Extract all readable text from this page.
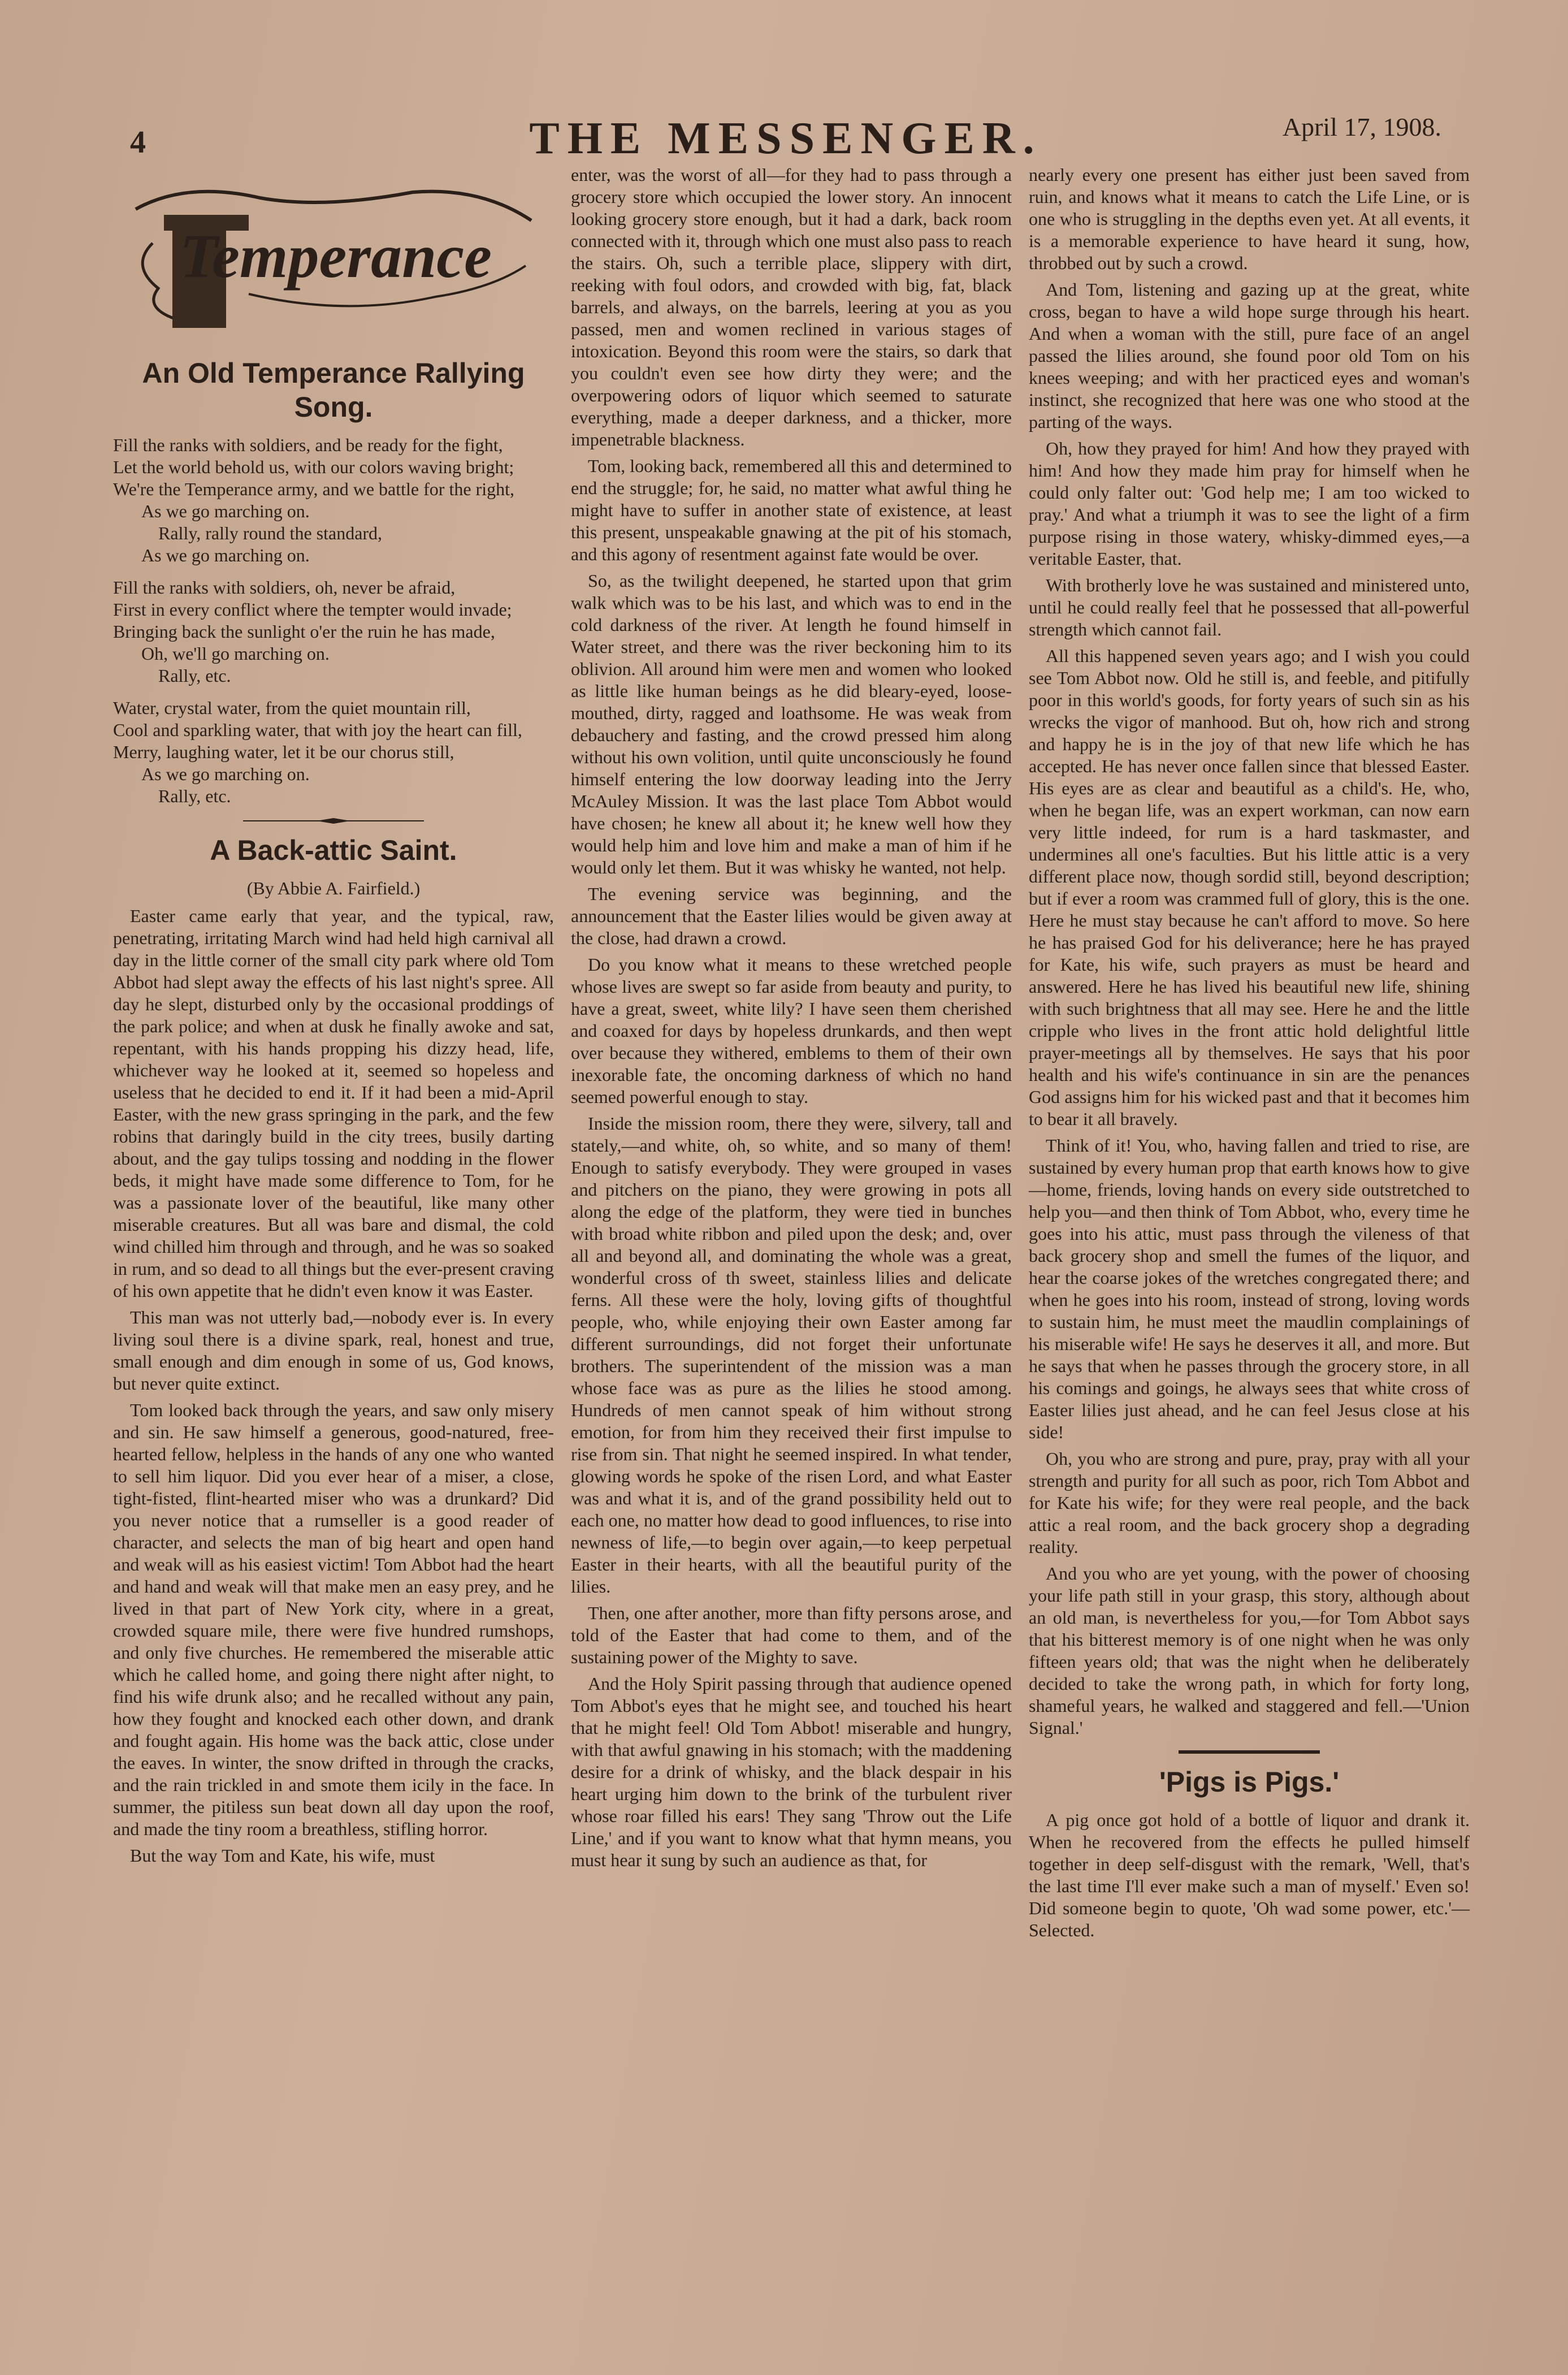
4	THE MESSENGER.	April 17, 1908.
Temperance
An Old Temperance Rallying Song.
Fill the ranks with soldiers, and be ready for the fight,
Let the world behold us, with our colors waving bright;
We're the Temperance army, and we battle for the right,
As we go marching on.
Rally, rally round the standard,
As we go marching on.
Fill the ranks with soldiers, oh, never be afraid,
First in every conflict where the tempter would invade;
Bringing back the sunlight o'er the ruin he has made,
Oh, we'll go marching on.
Rally, etc.
Water, crystal water, from the quiet mountain rill,
Cool and sparkling water, that with joy the heart can fill,
Merry, laughing water, let it be our chorus still,
As we go marching on.
Rally, etc.
A Back-attic Saint.
(By Abbie A. Fairfield.)

Easter came early that year, and the typical, raw, penetrating, irritating March wind had held high carnival all day in the little corner of the small city park where old Tom Abbot had slept away the effects of his last night's spree. All day he slept, disturbed only by the occasional proddings of the park police; and when at dusk he finally awoke and sat, repentant, with his hands propping his dizzy head, life, whichever way he looked at it, seemed so hopeless and useless that he decided to end it. If it had been a mid-April Easter, with the new grass springing in the park, and the few robins that daringly build in the city trees, busily darting about, and the gay tulips tossing and nodding in the flower beds, it might have made some difference to Tom, for he was a passionate lover of the beautiful, like many other miserable creatures. But all was bare and dismal, the cold wind chilled him through and through, and he was so soaked in rum, and so dead to all things but the ever-present craving of his own appetite that he didn't even know it was Easter.

This man was not utterly bad,—nobody ever is. In every living soul there is a divine spark, real, honest and true, small enough and dim enough in some of us, God knows, but never quite extinct.

Tom looked back through the years, and saw only misery and sin. He saw himself a generous, good-natured, free-hearted fellow, helpless in the hands of any one who wanted to sell him liquor. Did you ever hear of a miser, a close, tight-fisted, flint-hearted miser who was a drunkard? Did you never notice that a rumseller is a good reader of character, and selects the man of big heart and open hand and weak will as his easiest victim! Tom Abbot had the heart and hand and weak will that make men an easy prey, and he lived in that part of New York city, where in a great, crowded square mile, there were five hundred rumshops, and only five churches. He remembered the miserable attic which he called home, and going there night after night, to find his wife drunk also; and he recalled without any pain, how they fought and knocked each other down, and drank and fought again. His home was the back attic, close under the eaves. In winter, the snow drifted in through the cracks, and the rain trickled in and smote them icily in the face. In summer, the pitiless sun beat down all day upon the roof, and made the tiny room a breathless, stifling horror.

But the way Tom and Kate, his wife, must

enter, was the worst of all—for they had to pass through a grocery store which occupied the lower story. An innocent looking grocery store enough, but it had a dark, back room connected with it, through which one must also pass to reach the stairs. Oh, such a terrible place, slippery with dirt, reeking with foul odors, and crowded with big, fat, black barrels, and always, on the barrels, leering at you as you passed, men and women reclined in various stages of intoxication. Beyond this room were the stairs, so dark that you couldn't even see how dirty they were; and the overpowering odors of liquor which seemed to saturate everything, made a deeper darkness, and a thicker, more impenetrable blackness.

Tom, looking back, remembered all this and determined to end the struggle; for, he said, no matter what awful thing he might have to suffer in another state of existence, at least this present, unspeakable gnawing at the pit of his stomach, and this agony of resentment against fate would be over.

So, as the twilight deepened, he started upon that grim walk which was to be his last, and which was to end in the cold darkness of the river. At length he found himself in Water street, and there was the river beckoning him to its oblivion. All around him were men and women who looked as little like human beings as he did bleary-eyed, loose-mouthed, dirty, ragged and loathsome. He was weak from debauchery and fasting, and the crowd pressed him along without his own volition, until quite unconsciously he found himself entering the low doorway leading into the Jerry McAuley Mission. It was the last place Tom Abbot would have chosen; he knew all about it; he knew well how they would help him and love him and make a man of him if he would only let them. But it was whisky he wanted, not help.

The evening service was beginning, and the announcement that the Easter lilies would be given away at the close, had drawn a crowd.

Do you know what it means to these wretched people whose lives are swept so far aside from beauty and purity, to have a great, sweet, white lily? I have seen them cherished and coaxed for days by hopeless drunkards, and then wept over because they withered, emblems to them of their own inexorable fate, the oncoming darkness of which no hand seemed powerful enough to stay.

Inside the mission room, there they were, silvery, tall and stately,—and white, oh, so white, and so many of them! Enough to satisfy everybody. They were grouped in vases and pitchers on the piano, they were growing in pots all along the edge of the platform, they were tied in bunches with broad white ribbon and piled upon the desk; and, over all and beyond all, and dominating the whole was a great, wonderful cross of th sweet, stainless lilies and delicate ferns. All these were the holy, loving gifts of thoughtful people, who, while enjoying their own Easter among far different surroundings, did not forget their unfortunate brothers. The superintendent of the mission was a man whose face was as pure as the lilies he stood among. Hundreds of men cannot speak of him without strong emotion, for from him they received their first impulse to rise from sin. That night he seemed inspired. In what tender, glowing words he spoke of the risen Lord, and what Easter was and what it is, and of the grand possibility held out to each one, no matter how dead to good influences, to rise into newness of life,—to begin over again,—to keep perpetual Easter in their hearts, with all the beautiful purity of the lilies.

Then, one after another, more than fifty persons arose, and told of the Easter that had come to them, and of the sustaining power of the Mighty to save.

And the Holy Spirit passing through that audience opened Tom Abbot's eyes that he might see, and touched his heart that he might feel! Old Tom Abbot! miserable and hungry, with that awful gnawing in his stomach; with the maddening desire for a drink of whisky, and the black despair in his heart urging him down to the brink of the turbulent river whose roar filled his ears! They sang 'Throw out the Life Line,' and if you want to know what that hymn means, you must hear it sung by such an audience as that, for

nearly every one present has either just been saved from ruin, and knows what it means to catch the Life Line, or is one who is struggling in the depths even yet. At all events, it is a memorable experience to have heard it sung, how, throbbed out by such a crowd.

And Tom, listening and gazing up at the great, white cross, began to have a wild hope surge through his heart. And when a woman with the still, pure face of an angel passed the lilies around, she found poor old Tom on his knees weeping; and with her practiced eyes and woman's instinct, she recognized that here was one who stood at the parting of the ways.

Oh, how they prayed for him! And how they prayed with him! And how they made him pray for himself when he could only falter out: 'God help me; I am too wicked to pray.' And what a triumph it was to see the light of a firm purpose rising in those watery, whisky-dimmed eyes,—a veritable Easter, that.

With brotherly love he was sustained and ministered unto, until he could really feel that he possessed that all-powerful strength which cannot fail.

All this happened seven years ago; and I wish you could see Tom Abbot now. Old he still is, and feeble, and pitifully poor in this world's goods, for forty years of such sin as his wrecks the vigor of manhood. But oh, how rich and strong and happy he is in the joy of that new life which he has accepted. He has never once fallen since that blessed Easter. His eyes are as clear and beautiful as a child's. He, who, when he began life, was an expert workman, can now earn very little indeed, for rum is a hard taskmaster, and undermines all one's faculties. But his little attic is a very different place now, though sordid still, beyond description; but if ever a room was crammed full of glory, this is the one. Here he must stay because he can't afford to move. So here he has praised God for his deliverance; here he has prayed for Kate, his wife, such prayers as must be heard and answered. Here he has lived his beautiful new life, shining with such brightness that all may see. Here he and the little cripple who lives in the front attic hold delightful little prayer-meetings all by themselves. He says that his poor health and his wife's continuance in sin are the penances God assigns him for his wicked past and that it becomes him to bear it all bravely.

Think of it! You, who, having fallen and tried to rise, are sustained by every human prop that earth knows how to give—home, friends, loving hands on every side outstretched to help you—and then think of Tom Abbot, who, every time he goes into his attic, must pass through the vileness of that back grocery shop and smell the fumes of the liquor, and hear the coarse jokes of the wretches congregated there; and when he goes into his room, instead of strong, loving words to sustain him, he must meet the maudlin complainings of his miserable wife! He says he deserves it all, and more. But he says that when he passes through the grocery store, in all his comings and goings, he always sees that white cross of Easter lilies just ahead, and he can feel Jesus close at his side!

Oh, you who are strong and pure, pray, pray with all your strength and purity for all such as poor, rich Tom Abbot and for Kate his wife; for they were real people, and the back attic a real room, and the back grocery shop a degrading reality.

And you who are yet young, with the power of choosing your life path still in your grasp, this story, although about an old man, is nevertheless for you,—for Tom Abbot says that his bitterest memory is of one night when he was only fifteen years old; that was the night when he deliberately decided to take the wrong path, in which for forty long, shameful years, he walked and staggered and fell.—'Union Signal.'

'Pigs is Pigs.'

A pig once got hold of a bottle of liquor and drank it. When he recovered from the effects he pulled himself together in deep self-disgust with the remark, 'Well, that's the last time I'll ever make such a man of myself.' Even so! Did someone begin to quote, 'Oh wad some power, etc.'—Selected.
